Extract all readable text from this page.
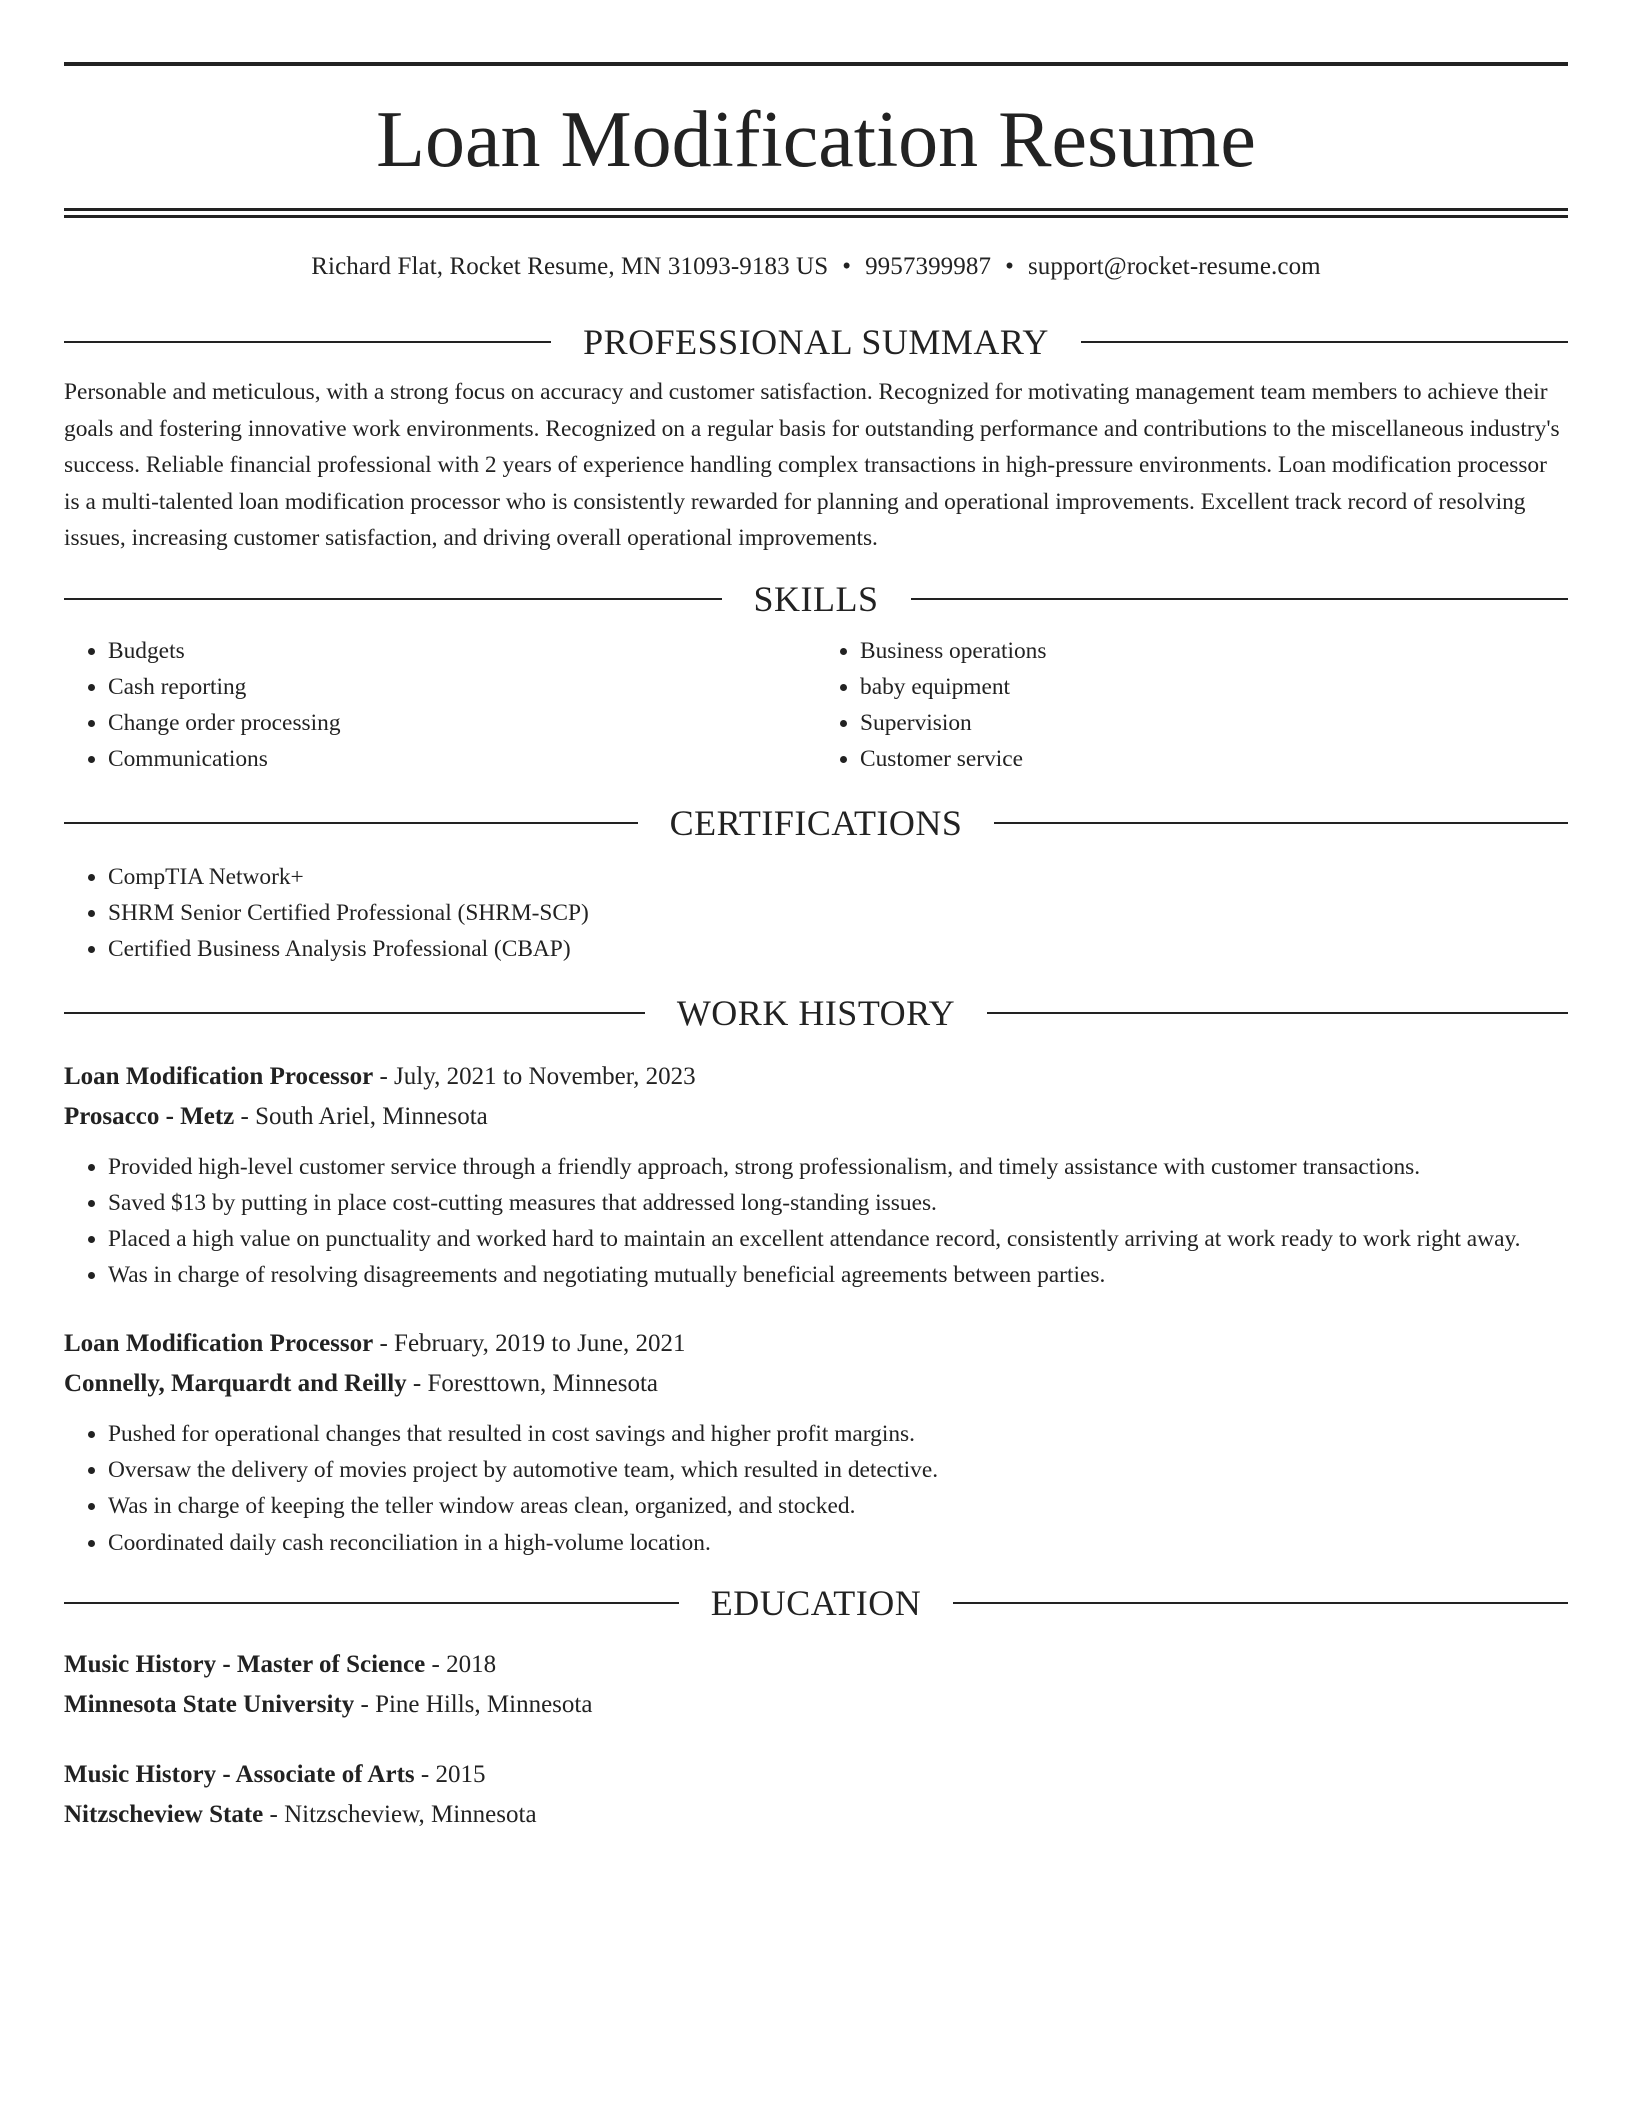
Loan Modification Resume
Richard Flat, Rocket Resume, MN 31093-9183 US • 9957399987 • support@rocket-resume.com
PROFESSIONAL SUMMARY

Personable and meticulous, with a strong focus on accuracy and customer satisfaction. Recognized for motivating management team members to achieve their goals and fostering innovative work environments. Recognized on a regular basis for outstanding performance and contributions to the miscellaneous industry's success. Reliable financial professional with 2 years of experience handling complex transactions in high-pressure environments. Loan modification processor is a multi-talented loan modification processor who is consistently rewarded for planning and operational improvements. Excellent track record of resolving issues, increasing customer satisfaction, and driving overall operational improvements.

SKILLS
• Budgets
• Cash reporting
• Change order processing
• Communications
• Business operations
• baby equipment
• Supervision
• Customer service
CERTIFICATIONS
• CompTIA Network+
• SHRM Senior Certified Professional (SHRM-SCP)
• Certified Business Analysis Professional (CBAP)
WORK HISTORY
Loan Modification Processor - July, 2021 to November, 2023
Prosacco - Metz - South Ariel, Minnesota
• Provided high-level customer service through a friendly approach, strong professionalism, and timely assistance with customer transactions.
• Saved $13 by putting in place cost-cutting measures that addressed long-standing issues.
• Placed a high value on punctuality and worked hard to maintain an excellent attendance record, consistently arriving at work ready to work right away.
• Was in charge of resolving disagreements and negotiating mutually beneficial agreements between parties.
Loan Modification Processor - February, 2019 to June, 2021
Connelly, Marquardt and Reilly - Foresttown, Minnesota
• Pushed for operational changes that resulted in cost savings and higher profit margins.
• Oversaw the delivery of movies project by automotive team, which resulted in detective.
• Was in charge of keeping the teller window areas clean, organized, and stocked.
• Coordinated daily cash reconciliation in a high-volume location.
EDUCATION
Music History - Master of Science - 2018
Minnesota State University - Pine Hills, Minnesota
Music History - Associate of Arts - 2015
Nitzscheview State - Nitzscheview, Minnesota
